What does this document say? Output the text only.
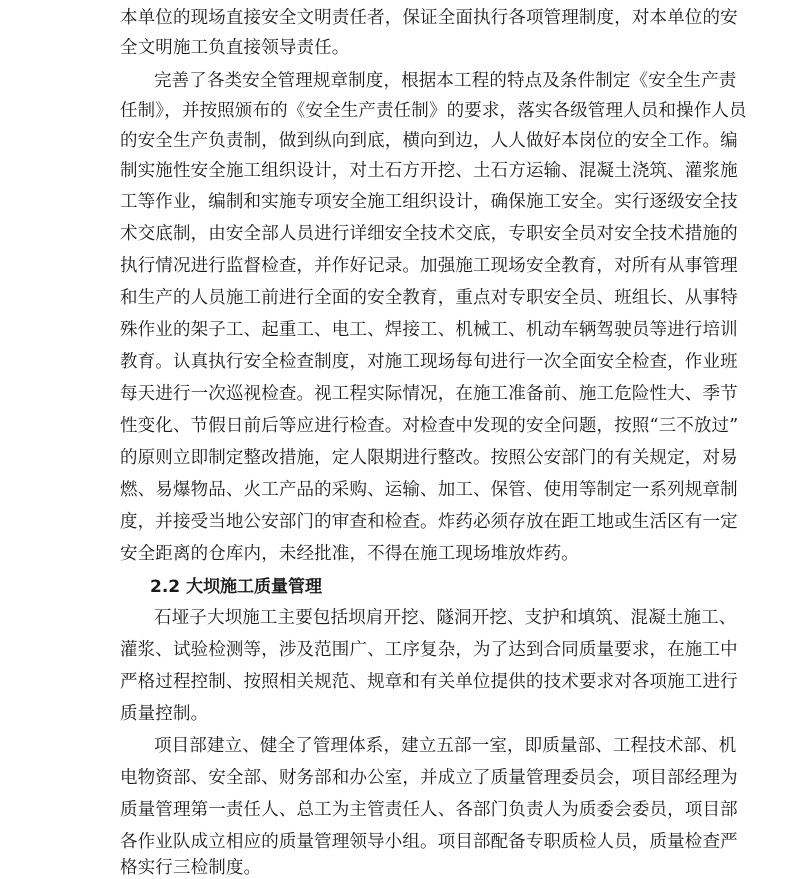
本单位的现场直接安全文明责任者，保证全面执行各项管理制度，对本单位的安
全文明施工负直接领导责任。
完善了各类安全管理规章制度，根据本工程的特点及条件制定《安全生产责
任制》，并按照颁布的《安全生产责任制》的要求，落实各级管理人员和操作人员
的安全生产负责制，做到纵向到底，横向到边，人人做好本岗位的安全工作。编
制实施性安全施工组织设计，对土石方开挖、土石方运输、混凝土浇筑、灌浆施
工等作业，编制和实施专项安全施工组织设计，确保施工安全。实行逐级安全技
术交底制，由安全部人员进行详细安全技术交底，专职安全员对安全技术措施的
执行情况进行监督检查，并作好记录。加强施工现场安全教育，对所有从事管理
和生产的人员施工前进行全面的安全教育，重点对专职安全员、班组长、从事特
殊作业的架子工、起重工、电工、焊接工、机械工、机动车辆驾驶员等进行培训
教育。认真执行安全检查制度，对施工现场每旬进行一次全面安全检查，作业班
每天进行一次巡视检查。视工程实际情况，在施工准备前、施工危险性大、季节
性变化、节假日前后等应进行检查。对检查中发现的安全问题，按照“三不放过”
的原则立即制定整改措施，定人限期进行整改。按照公安部门的有关规定，对易
燃、易爆物品、火工产品的采购、运输、加工、保管、使用等制定一系列规章制
度，并接受当地公安部门的审查和检查。炸药必须存放在距工地或生活区有一定
安全距离的仓库内，未经批准，不得在施工现场堆放炸药。
2.2 大坝施工质量管理
石垭子大坝施工主要包括坝肩开挖、隧洞开挖、支护和填筑、混凝土施工、
灌浆、试验检测等，涉及范围广、工序复杂，为了达到合同质量要求，在施工中
严格过程控制、按照相关规范、规章和有关单位提供的技术要求对各项施工进行
质量控制。
项目部建立、健全了管理体系，建立五部一室，即质量部、工程技术部、机
电物资部、安全部、财务部和办公室，并成立了质量管理委员会，项目部经理为
质量管理第一责任人、总工为主管责任人、各部门负责人为质委会委员，项目部
各作业队成立相应的质量管理领导小组。项目部配备专职质检人员，质量检查严
格实行三检制度。
